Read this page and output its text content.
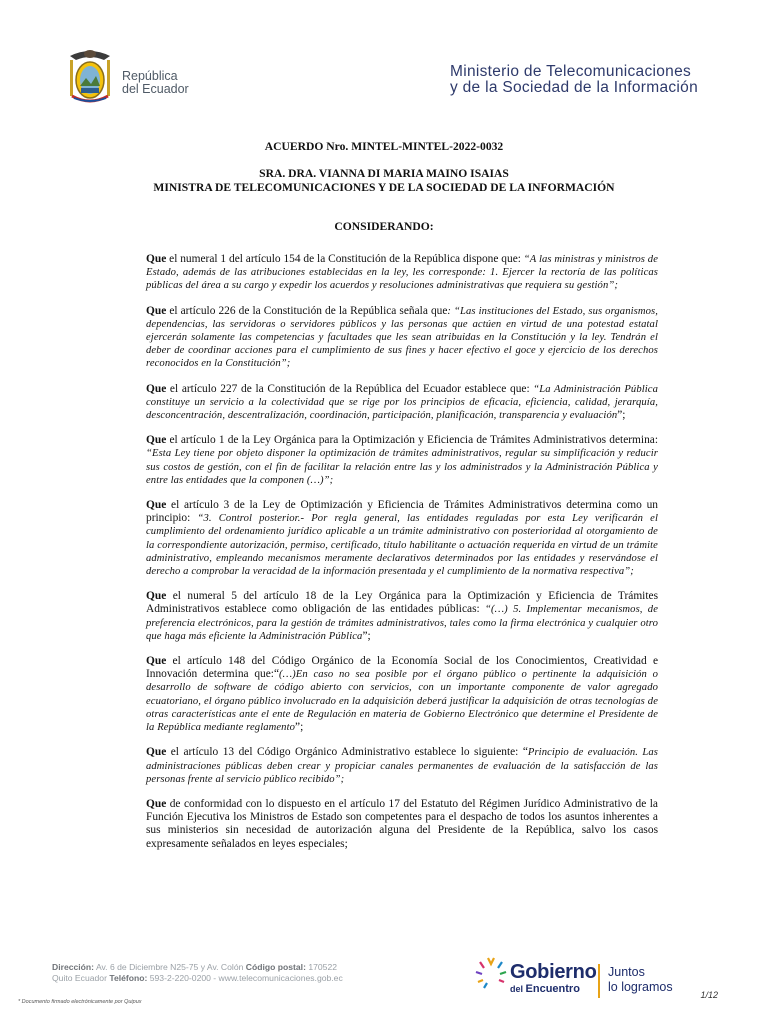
República
del Ecuador
Ministerio de Telecomunicaciones
y de la Sociedad de la Información
ACUERDO Nro. MINTEL-MINTEL-2022-0032
SRA. DRA. VIANNA DI MARIA MAINO ISAIAS
MINISTRA DE TELECOMUNICACIONES Y DE LA SOCIEDAD DE LA INFORMACIÓN
CONSIDERANDO:

Que el numeral 1 del artículo 154 de la Constitución de la República dispone que: “A las ministras y ministros de Estado, además de las atribuciones establecidas en la ley, les corresponde: 1. Ejercer la rectoría de las políticas públicas del área a su cargo y expedir los acuerdos y resoluciones administrativas que requiera su gestión”;

Que el artículo 226 de la Constitución de la República señala que: “Las instituciones del Estado, sus organismos, dependencias, las servidoras o servidores públicos y las personas que actúen en virtud de una potestad estatal ejercerán solamente las competencias y facultades que les sean atribuidas en la Constitución y la ley. Tendrán el deber de coordinar acciones para el cumplimiento de sus fines y hacer efectivo el goce y ejercicio de los derechos reconocidos en la Constitución”;

Que el artículo 227 de la Constitución de la República del Ecuador establece que: “La Administración Pública constituye un servicio a la colectividad que se rige por los principios de eficacia, eficiencia, calidad, jerarquía, desconcentración, descentralización, coordinación, participación, planificación, transparencia y evaluación”;

Que el artículo 1 de la Ley Orgánica para la Optimización y Eficiencia de Trámites Administrativos determina: “Esta Ley tiene por objeto disponer la optimización de trámites administrativos, regular su simplificación y reducir sus costos de gestión, con el fin de facilitar la relación entre las y los administrados y la Administración Pública y entre las entidades que la componen (…)”;

Que el artículo 3 de la Ley de Optimización y Eficiencia de Trámites Administrativos determina como un principio: “3. Control posterior.- Por regla general, las entidades reguladas por esta Ley verificarán el cumplimiento del ordenamiento jurídico aplicable a un trámite administrativo con posterioridad al otorgamiento de la correspondiente autorización, permiso, certificado, título habilitante o actuación requerida en virtud de un trámite administrativo, empleando mecanismos meramente declarativos determinados por las entidades y reservándose el derecho a comprobar la veracidad de la información presentada y el cumplimiento de la normativa respectiva”;

Que el numeral 5 del artículo 18 de la Ley Orgánica para la Optimización y Eficiencia de Trámites Administrativos establece como obligación de las entidades públicas: “(…) 5. Implementar mecanismos, de preferencia electrónicos, para la gestión de trámites administrativos, tales como la firma electrónica y cualquier otro que haga más eficiente la Administración Pública”;

Que el artículo 148 del Código Orgánico de la Economía Social de los Conocimientos, Creatividad e Innovación determina que:“(…)En caso no sea posible por el órgano público o pertinente la adquisición o desarrollo de software de código abierto con servicios, con un importante componente de valor agregado ecuatoriano, el órgano público involucrado en la adquisición deberá justificar la adquisición de otras tecnologías de otras características ante el ente de Regulación en materia de Gobierno Electrónico que determine el Presidente de la República mediante reglamento”;

Que el artículo 13 del Código Orgánico Administrativo establece lo siguiente: “Principio de evaluación. Las administraciones públicas deben crear y propiciar canales permanentes de evaluación de la satisfacción de las personas frente al servicio público recibido”;

Que de conformidad con lo dispuesto en el artículo 17 del Estatuto del Régimen Jurídico Administrativo de la Función Ejecutiva los Ministros de Estado son competentes para el despacho de todos los asuntos inherentes a sus ministerios sin necesidad de autorización alguna del Presidente de la República, salvo los casos expresamente señalados en leyes especiales;

Dirección: Av. 6 de Diciembre N25-75 y Av. Colón Código postal: 170522
Quito Ecuador Teléfono: 593-2-220-0200 - www.telecomunicaciones.gob.ec
* Documento firmado electrónicamente por Quipux
Gobierno
del Encuentro
Juntos
lo logramos
1/12
